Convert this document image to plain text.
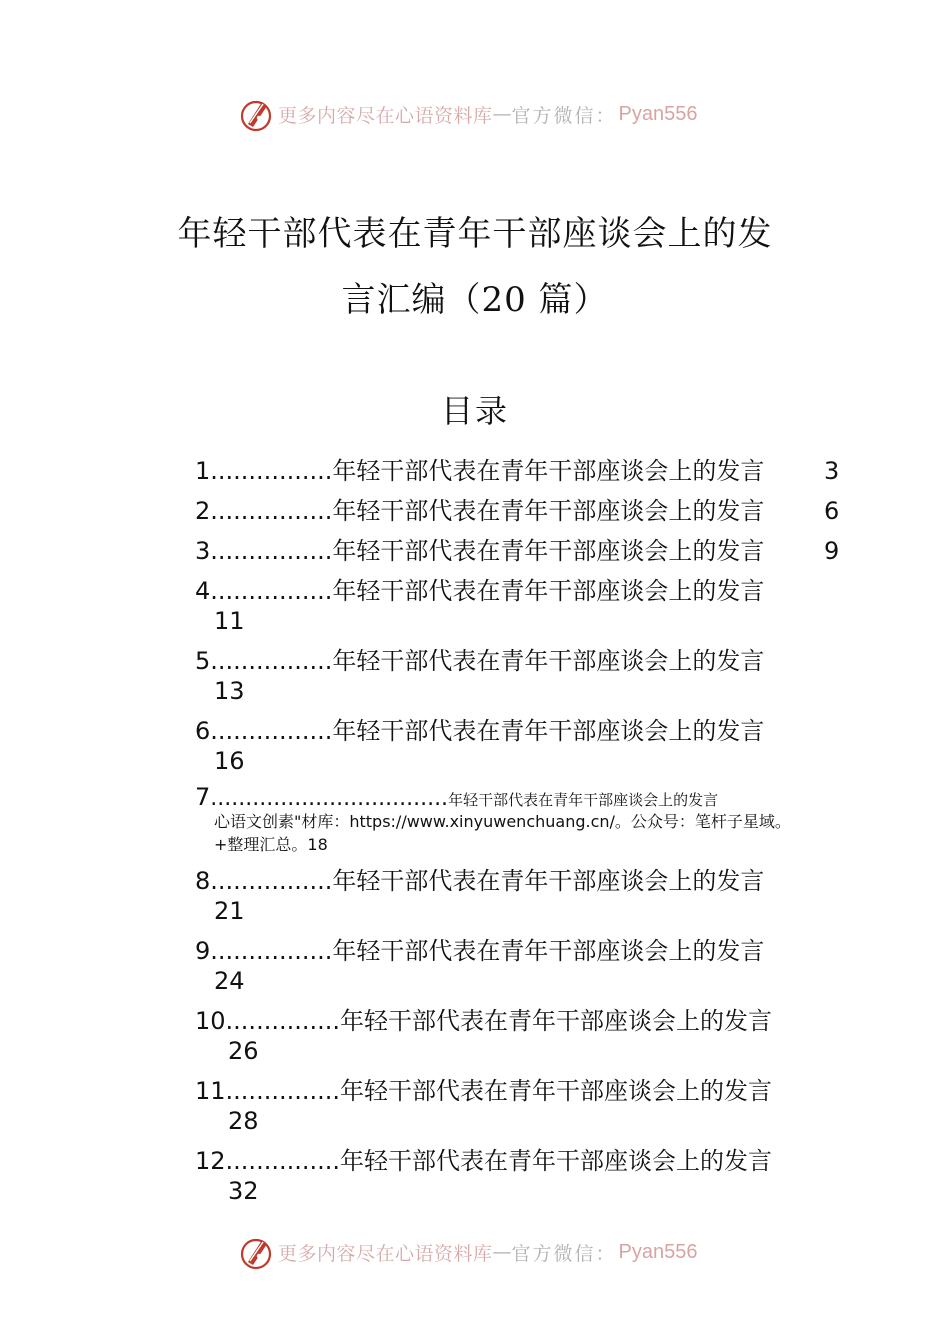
更多内容尽在心语资料库 — 官方微信： Pyan556
年轻干部代表在青年干部座谈会上的发
言汇编（20 篇）
目录
1................年轻干部代表在青年干部座谈会上的发言 3
2................年轻干部代表在青年干部座谈会上的发言 6
3................年轻干部代表在青年干部座谈会上的发言 9
4................年轻干部代表在青年干部座谈会上的发言
11
5................年轻干部代表在青年干部座谈会上的发言
13
6................年轻干部代表在青年干部座谈会上的发言
16
7..................................年轻干部代表在青年干部座谈会上的发言
心语文创素"材库：https://www.xinyuwenchuang.cn/。公众号：笔杆子星域。
+整理汇总。18
8................年轻干部代表在青年干部座谈会上的发言
21
9................年轻干部代表在青年干部座谈会上的发言
24
10...............年轻干部代表在青年干部座谈会上的发言
26
11...............年轻干部代表在青年干部座谈会上的发言
28
12...............年轻干部代表在青年干部座谈会上的发言
32
更多内容尽在心语资料库 — 官方微信： Pyan556
